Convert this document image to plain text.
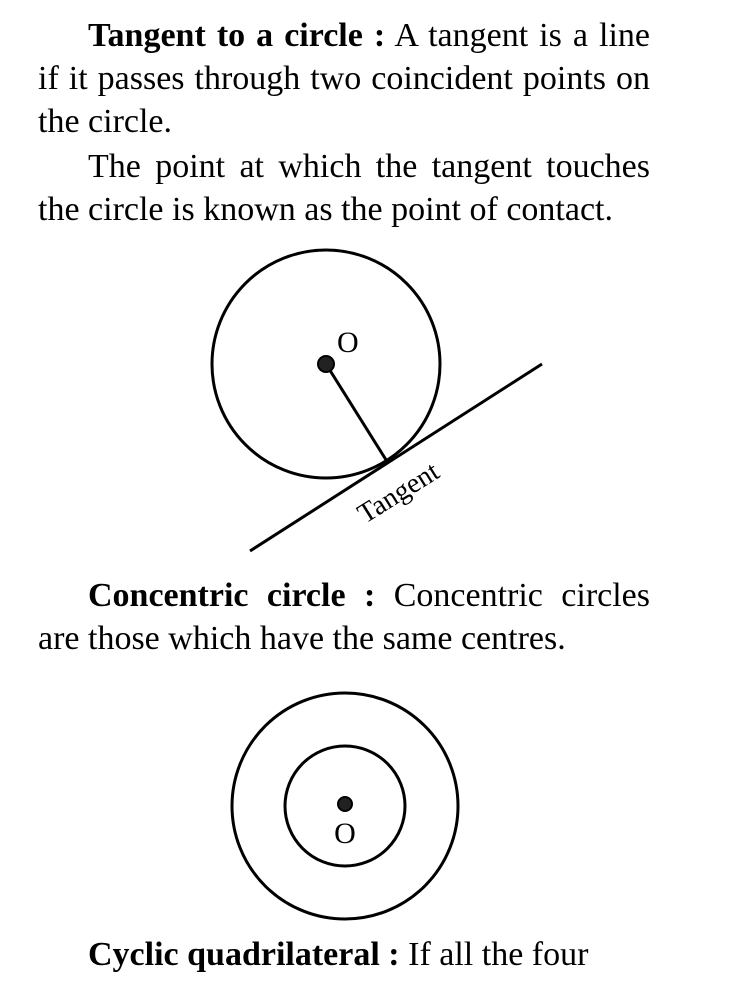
Tangent to a circle : A tangent is a line if it passes through two coincident points on the circle.

The point at which the tangent touches the circle is known as the point of contact.

O
Tangent
O

Concentric circle : Concentric circles are those which have the same centres.

Cyclic quadrilateral : If all the four
